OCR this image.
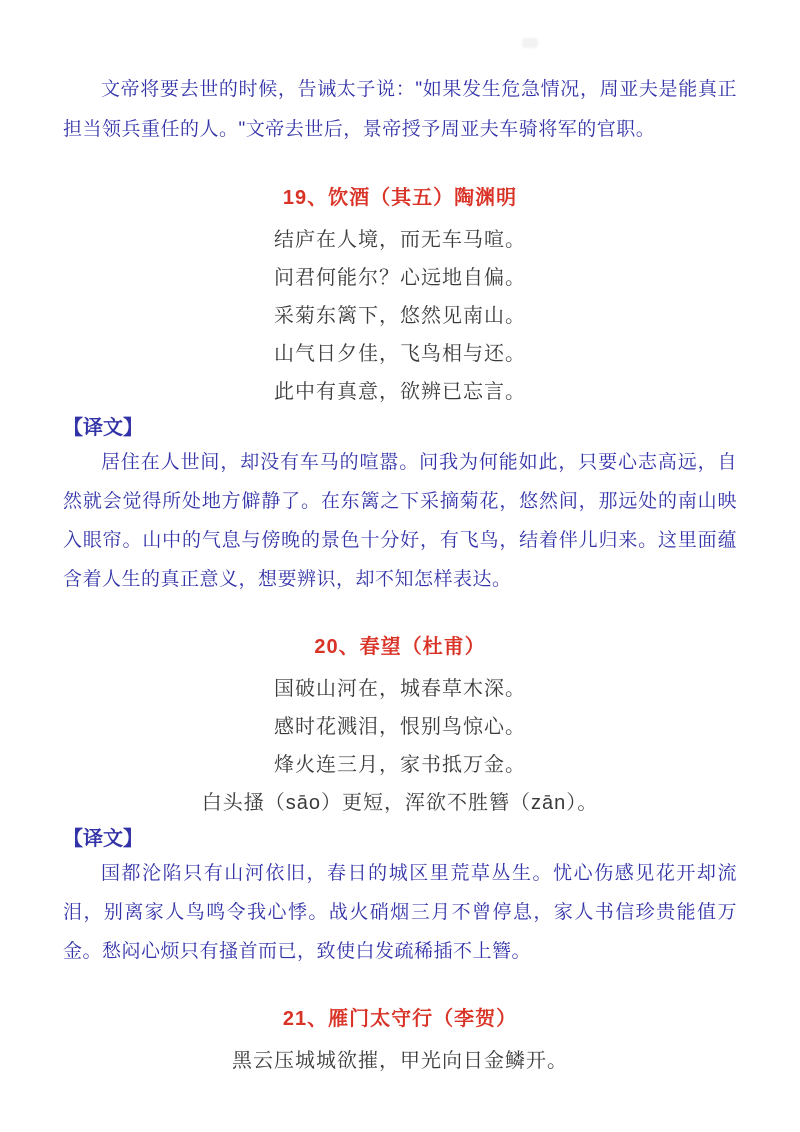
文帝将要去世的时候，告诫太子说："如果发生危急情况，周亚夫是能真正担当领兵重任的人。"文帝去世后，景帝授予周亚夫车骑将军的官职。

19、饮酒（其五）陶渊明
结庐在人境，而无车马喧。
问君何能尔？心远地自偏。
采菊东篱下，悠然见南山。
山气日夕佳，飞鸟相与还。
此中有真意，欲辨已忘言。
【译文】

居住在人世间，却没有车马的喧嚣。问我为何能如此，只要心志高远，自然就会觉得所处地方僻静了。在东篱之下采摘菊花，悠然间，那远处的南山映入眼帘。山中的气息与傍晚的景色十分好，有飞鸟，结着伴儿归来。这里面蕴含着人生的真正意义，想要辨识，却不知怎样表达。

20、春望（杜甫）
国破山河在，城春草木深。
感时花溅泪，恨别鸟惊心。
烽火连三月，家书抵万金。
白头搔（sāo）更短，浑欲不胜簪（zān）。
【译文】

国都沦陷只有山河依旧，春日的城区里荒草丛生。忧心伤感见花开却流泪，别离家人鸟鸣令我心悸。战火硝烟三月不曾停息，家人书信珍贵能值万金。愁闷心烦只有搔首而已，致使白发疏稀插不上簪。

21、雁门太守行（李贺）
黑云压城城欲摧，甲光向日金鳞开。
